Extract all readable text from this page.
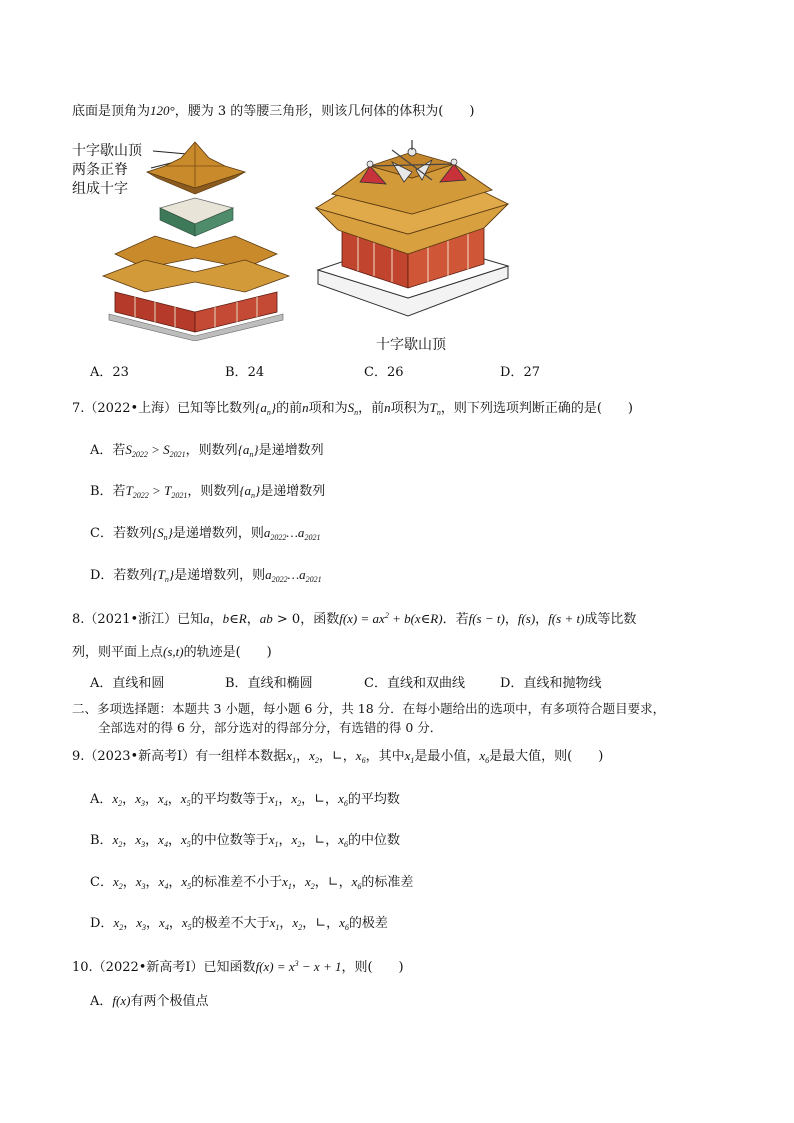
底面是顶角为120°，腰为 3 的等腰三角形，则该几何体的体积为(　　)
十字歇山顶
两条正脊
组成十字
十字歇山顶
A．23	B．24	C．26	D．27
7.（2022•上海）已知等比数列$\{a_n\}$的前n项和为$S_n$，前n项积为$T_n$，则下列选项判断正确的是(　　)
A．若$S_{2022} > S_{2021}$，则数列$\{a_n\}$是递增数列
B．若$T_{2022} > T_{2021}$，则数列$\{a_n\}$是递增数列
C．若数列$\{S_n\}$是递增数列，则$a_{2022}\dots a_{2021}$
D．若数列$\{T_n\}$是递增数列，则$a_{2022}\dots a_{2021}$
8.（2021•浙江）已知a，b∈R，ab > 0，函数$f(x) = ax^2$ + b(x∈R)．若f(s − t)，f(s)，f(s + t)成等比数
列，则平面上点(s,t)的轨迹是(　　)
A．直线和圆	B．直线和椭圆	C．直线和双曲线	D．直线和抛物线
二、多项选择题：本题共 3 小题，每小题 6 分，共 18 分．在每小题给出的选项中，有多项符合题目要求，
全部选对的得 6 分，部分选对的得部分分，有选错的得 0 分．
9.（2023•新高考Ⅰ）有一组样本数据$x_1$，$x_2$，∟，$x_6$，其中$x_1$是最小值，$x_6$是最大值，则(　　)
A．$x_2$，$x_3$，$x_4$，$x_5$的平均数等于$x_1$，$x_2$，∟，$x_6$的平均数
B．$x_2$，$x_3$，$x_4$，$x_5$的中位数等于$x_1$，$x_2$，∟，$x_6$的中位数
C．$x_2$，$x_3$，$x_4$，$x_5$的标准差不小于$x_1$，$x_2$，∟，$x_6$的标准差
D．$x_2$，$x_3$，$x_4$，$x_5$的极差不大于$x_1$，$x_2$，∟，$x_6$的极差
10.（2022•新高考Ⅰ）已知函数$f(x) = x^3 - x + 1$，则(　　)
A．f(x)有两个极值点
